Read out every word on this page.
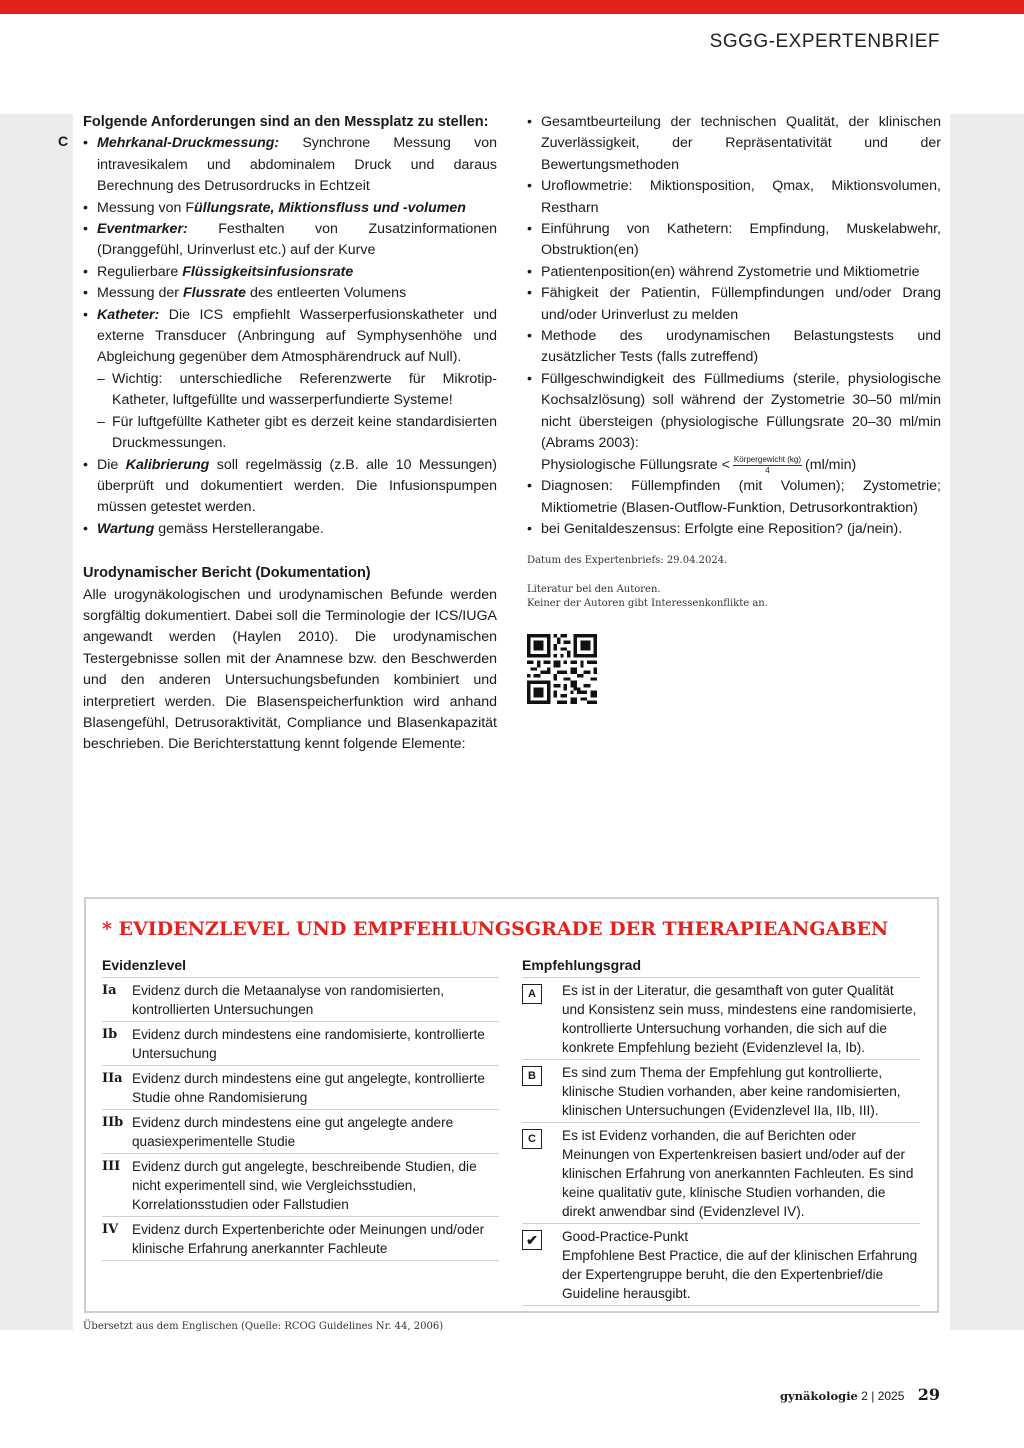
SGGG-EXPERTENBRIEF
C
Folgende Anforderungen sind an den Messplatz zu stellen:
• Mehrkanal-Druckmessung: Synchrone Messung von intravesikalem und abdominalem Druck und daraus Berechnung des Detrusordrucks in Echtzeit
• Messung von Füllungsrate, Miktionsfluss und -volumen
• Eventmarker: Festhalten von Zusatzinformationen (Dranggefühl, Urinverlust etc.) auf der Kurve
• Regulierbare Flüssigkeitsinfusionsrate
• Messung der Flussrate des entleerten Volumens
• Katheter: Die ICS empfiehlt Wasserperfusionskatheter und externe Transducer (Anbringung auf Symphysenhöhe und Abgleichung gegenüber dem Atmosphärendruck auf Null).
– Wichtig: unterschiedliche Referenzwerte für Mikrotip-Katheter, luftgefüllte und wasserperfundierte Systeme!
– Für luftgefüllte Katheter gibt es derzeit keine standardisierten Druckmessungen.
• Die Kalibrierung soll regelmässig (z.B. alle 10 Messungen) überprüft und dokumentiert werden. Die Infusionspumpen müssen getestet werden.
• Wartung gemäss Herstellerangabe.
Urodynamischer Bericht (Dokumentation)
Alle urogynäkologischen und urodynamischen Befunde werden sorgfältig dokumentiert. Dabei soll die Terminologie der ICS/IUGA angewandt werden (Haylen 2010). Die urodynamischen Testergebnisse sollen mit der Anamnese bzw. den Beschwerden und den anderen Untersuchungsbefunden kombiniert und interpretiert werden. Die Blasenspeicherfunktion wird anhand Blasengefühl, Detrusoraktivität, Compliance und Blasenkapazität beschrieben. Die Berichterstattung kennt folgende Elemente:
• Gesamtbeurteilung der technischen Qualität, der klinischen Zuverlässigkeit, der Repräsentativität und der Bewertungsmethoden
• Uroflowmetrie: Miktionsposition, Qmax, Miktionsvolumen, Restharn
• Einführung von Kathetern: Empfindung, Muskelabwehr, Obstruktion(en)
• Patientenposition(en) während Zystometrie und Miktiometrie
• Fähigkeit der Patientin, Füllempfindungen und/oder Drang und/oder Urinverlust zu melden
• Methode des urodynamischen Belastungstests und zusätzlicher Tests (falls zutreffend)
• Füllgeschwindigkeit des Füllmediums (sterile, physiologische Kochsalzlösung) soll während der Zystometrie 30–50 ml/min nicht übersteigen (physiologische Füllungsrate 20–30 ml/min (Abrams 2003):
Physiologische Füllungsrate < $\frac{\text{Körpergewicht (kg)}}{4} (ml/\min)$
• Diagnosen: Füllempfinden (mit Volumen); Zystometrie; Miktiometrie (Blasen-Outflow-Funktion, Detrusorkontraktion)
• bei Genitaldeszensus: Erfolgte eine Reposition? (ja/nein).
Datum des Expertenbriefs: 29.04.2024.
Literatur bei den Autoren.
Keiner der Autoren gibt Interessenkonflikte an.
* EVIDENZLEVEL UND EMPFEHLUNGSGRADE DER THERAPIEANGABEN
Evidenzlevel
Ia	Evidenz durch die Metaanalyse von randomisierten, kontrollierten Untersuchungen
Ib	Evidenz durch mindestens eine randomisierte, kontrollierte Untersuchung
IIa Evidenz durch mindestens eine gut angelegte, kontrollierte Studie ohne Randomisierung
IIb Evidenz durch mindestens eine gut angelegte andere quasiexperimentelle Studie
III Evidenz durch gut angelegte, beschreibende Studien, die nicht experimentell sind, wie Vergleichsstudien, Korrelationsstudien oder Fallstudien
IV	Evidenz durch Expertenberichte oder Meinungen und/oder klinische Erfahrung anerkannter Fachleute
Empfehlungsgrad
A	Es ist in der Literatur, die gesamthaft von guter Qualität und Konsistenz sein muss, mindestens eine randomisierte, kontrollierte Untersuchung vorhanden, die sich auf die konkrete Empfehlung bezieht (Evidenzlevel Ia, Ib).
B	Es sind zum Thema der Empfehlung gut kontrollierte, klinische Studien vorhanden, aber keine randomisierten, klinischen Untersuchungen (Evidenzlevel IIa, IIb, III).
C	Es ist Evidenz vorhanden, die auf Berichten oder Meinungen von Expertenkreisen basiert und/oder auf der klinischen Erfahrung von anerkannten Fachleuten. Es sind keine qualitativ gute, klinische Studien vorhanden, die direkt anwendbar sind (Evidenzlevel IV).
✔	Good-Practice-Punkt
Empfohlene Best Practice, die auf der klinischen Erfahrung der Expertengruppe beruht, die den Expertenbrief/die Guideline herausgibt.
Übersetzt aus dem Englischen (Quelle: RCOG Guidelines Nr. 44, 2006)
gynäkologie 2 | 2025 29
